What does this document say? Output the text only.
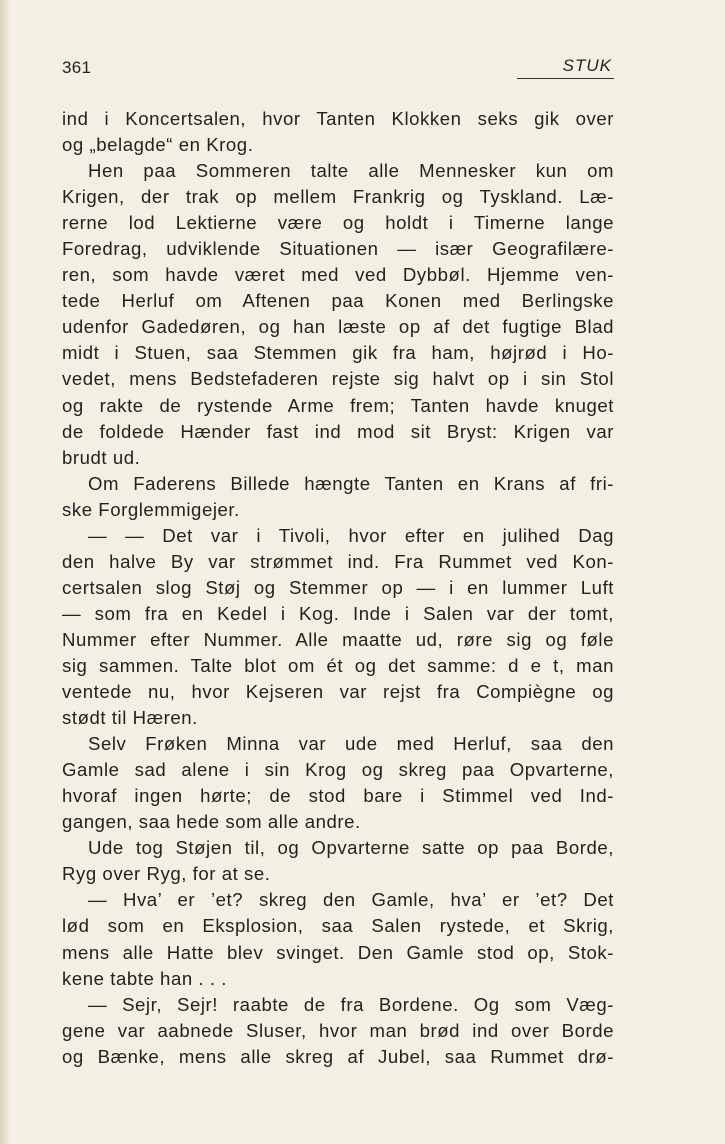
361	STUK
ind i Koncertsalen, hvor Tanten Klokken seks gik over
og „belagde“ en Krog.
Hen paa Sommeren talte alle Mennesker kun om
Krigen, der trak op mellem Frankrig og Tyskland. Læ-
rerne lod Lektierne være og holdt i Timerne lange
Foredrag, udviklende Situationen — især Geografilære-
ren, som havde været med ved Dybbøl. Hjemme ven-
tede Herluf om Aftenen paa Konen med Berlingske
udenfor Gadedøren, og han læste op af det fugtige Blad
midt i Stuen, saa Stemmen gik fra ham, højrød i Ho-
vedet, mens Bedstefaderen rejste sig halvt op i sin Stol
og rakte de rystende Arme frem; Tanten havde knuget
de foldede Hænder fast ind mod sit Bryst: Krigen var
brudt ud.
Om Faderens Billede hængte Tanten en Krans af fri-
ske Forglemmigejer.
— — Det var i Tivoli, hvor efter en julihed Dag
den halve By var strømmet ind. Fra Rummet ved Kon-
certsalen slog Støj og Stemmer op — i en lummer Luft
— som fra en Kedel i Kog. Inde i Salen var der tomt,
Nummer efter Nummer. Alle maatte ud, røre sig og føle
sig sammen. Talte blot om ét og det samme: d e t, man
ventede nu, hvor Kejseren var rejst fra Compiègne og
stødt til Hæren.
Selv Frøken Minna var ude med Herluf, saa den
Gamle sad alene i sin Krog og skreg paa Opvarterne,
hvoraf ingen hørte; de stod bare i Stimmel ved Ind-
gangen, saa hede som alle andre.
Ude tog Støjen til, og Opvarterne satte op paa Borde,
Ryg over Ryg, for at se.
— Hva’ er ’et? skreg den Gamle, hva’ er ’et? Det
lød som en Eksplosion, saa Salen rystede, et Skrig,
mens alle Hatte blev svinget. Den Gamle stod op, Stok-
kene tabte han . . .
— Sejr, Sejr! raabte de fra Bordene. Og som Væg-
gene var aabnede Sluser, hvor man brød ind over Borde
og Bænke, mens alle skreg af Jubel, saa Rummet drø-
